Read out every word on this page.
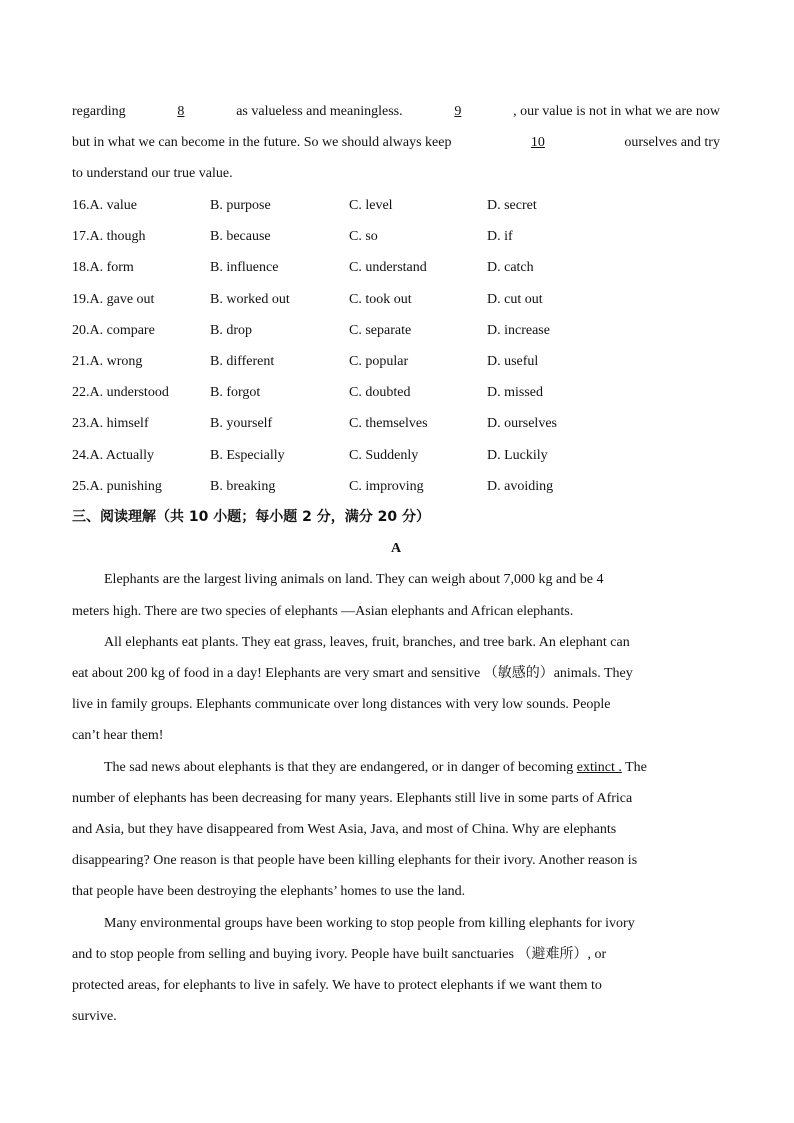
regarding	8	as valueless and meaningless.	9	, our value is not in what we are now
but in what we can become in the future. So we should always keep	10	ourselves and try
to understand our true value.
16.A. value	B. purpose	C. level	D. secret
17.A. though	B. because	C. so	D. if
18.A. form	B. influence	C. understand	D. catch
19.A. gave out	B. worked out	C. took out	D. cut out
20.A. compare	B. drop	C. separate	D. increase
21.A. wrong	B. different	C. popular	D. useful
22.A. understood	B. forgot	C. doubted	D. missed
23.A. himself	B. yourself	C. themselves	D. ourselves
24.A. Actually	B. Especially	C. Suddenly	D. Luckily
25.A. punishing	B. breaking	C. improving	D. avoiding
三、阅读理解（共 10 小题；每小题 2 分，满分 20 分）
A
Elephants are the largest living animals on land. They can weigh about 7,000 kg and be 4
meters high. There are two species of elephants —Asian elephants and African elephants.
All elephants eat plants. They eat grass, leaves, fruit, branches, and tree bark. An elephant can
eat about 200 kg of food in a day! Elephants are very smart and sensitive （敏感的）animals. They
live in family groups. Elephants communicate over long distances with very low sounds. People
can’t hear them!
The sad news about elephants is that they are endangered, or in danger of becoming extinct . The
number of elephants has been decreasing for many years. Elephants still live in some parts of Africa
and Asia, but they have disappeared from West Asia, Java, and most of China. Why are elephants
disappearing? One reason is that people have been killing elephants for their ivory. Another reason is
that people have been destroying the elephants’ homes to use the land.
Many environmental groups have been working to stop people from killing elephants for ivory
and to stop people from selling and buying ivory. People have built sanctuaries （避难所）, or
protected areas, for elephants to live in safely. We have to protect elephants if we want them to
survive.
